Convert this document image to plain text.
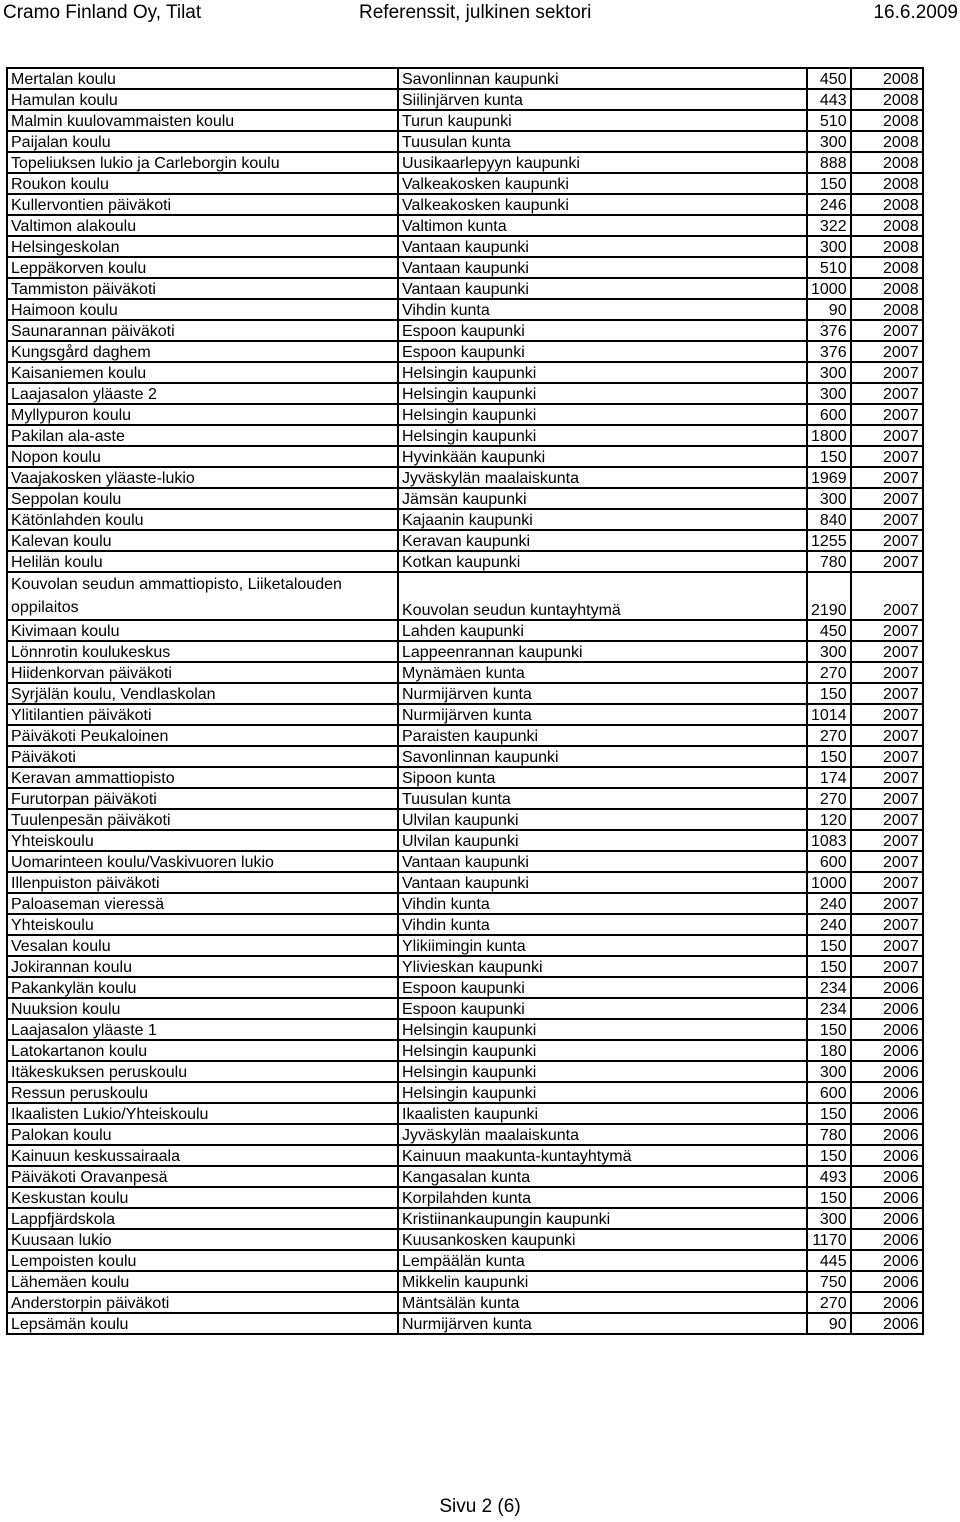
Cramo Finland Oy, Tilat	Referenssit, julkinen sektori	16.6.2009
Mertalan koulu	Savonlinnan kaupunki	450	2008
Hamulan koulu	Siilinjärven kunta	443	2008
Malmin kuulovammaisten koulu	Turun kaupunki	510	2008
Paijalan koulu	Tuusulan kunta	300	2008
Topeliuksen lukio ja Carleborgin koulu	Uusikaarlepyyn kaupunki	888	2008
Roukon koulu	Valkeakosken kaupunki	150	2008
Kullervontien päiväkoti	Valkeakosken kaupunki	246	2008
Valtimon alakoulu	Valtimon kunta	322	2008
Helsingeskolan	Vantaan kaupunki	300	2008
Leppäkorven koulu	Vantaan kaupunki	510	2008
Tammiston päiväkoti	Vantaan kaupunki	1000	2008
Haimoon koulu	Vihdin kunta	90	2008
Saunarannan päiväkoti	Espoon kaupunki	376	2007
Kungsgård daghem	Espoon kaupunki	376	2007
Kaisaniemen koulu	Helsingin kaupunki	300	2007
Laajasalon yläaste 2	Helsingin kaupunki	300	2007
Myllypuron koulu	Helsingin kaupunki	600	2007
Pakilan ala-aste	Helsingin kaupunki	1800	2007
Nopon koulu	Hyvinkään kaupunki	150	2007
Vaajakosken yläaste-lukio	Jyväskylän maalaiskunta	1969	2007
Seppolan koulu	Jämsän kaupunki	300	2007
Kätönlahden koulu	Kajaanin kaupunki	840	2007
Kalevan koulu	Keravan kaupunki	1255	2007
Helilän koulu	Kotkan kaupunki	780	2007

Kouvolan seudun ammattiopisto, Liiketalouden
oppilaitos	Kouvolan seudun kuntayhtymä	2190	2007
Kivimaan koulu	Lahden kaupunki	450	2007
Lönnrotin koulukeskus	Lappeenrannan kaupunki	300	2007
Hiidenkorvan päiväkoti	Mynämäen kunta	270	2007
Syrjälän koulu, Vendlaskolan	Nurmijärven kunta	150	2007
Ylitilantien päiväkoti	Nurmijärven kunta	1014	2007
Päiväkoti Peukaloinen	Paraisten kaupunki	270	2007
Päiväkoti	Savonlinnan kaupunki	150	2007
Keravan ammattiopisto	Sipoon kunta	174	2007
Furutorpan päiväkoti	Tuusulan kunta	270	2007
Tuulenpesän päiväkoti	Ulvilan kaupunki	120	2007
Yhteiskoulu	Ulvilan kaupunki	1083	2007
Uomarinteen koulu/Vaskivuoren lukio	Vantaan kaupunki	600	2007
Illenpuiston päiväkoti	Vantaan kaupunki	1000	2007
Paloaseman vieressä	Vihdin kunta	240	2007
Yhteiskoulu	Vihdin kunta	240	2007
Vesalan koulu	Ylikiimingin kunta	150	2007
Jokirannan koulu	Ylivieskan kaupunki	150	2007
Pakankylän koulu	Espoon kaupunki	234	2006
Nuuksion koulu	Espoon kaupunki	234	2006
Laajasalon yläaste 1	Helsingin kaupunki	150	2006
Latokartanon koulu	Helsingin kaupunki	180	2006
Itäkeskuksen peruskoulu	Helsingin kaupunki	300	2006
Ressun peruskoulu	Helsingin kaupunki	600	2006
Ikaalisten Lukio/Yhteiskoulu	Ikaalisten kaupunki	150	2006
Palokan koulu	Jyväskylän maalaiskunta	780	2006
Kainuun keskussairaala	Kainuun maakunta-kuntayhtymä	150	2006
Päiväkoti Oravanpesä	Kangasalan kunta	493	2006
Keskustan koulu	Korpilahden kunta	150	2006
Lappfjärdskola	Kristiinankaupungin kaupunki	300	2006
Kuusaan lukio	Kuusankosken kaupunki	1170	2006
Lempoisten koulu	Lempäälän kunta	445	2006
Lähemäen koulu	Mikkelin kaupunki	750	2006
Anderstorpin päiväkoti	Mäntsälän kunta	270	2006
Lepsämän koulu	Nurmijärven kunta	90	2006
Sivu 2 (6)
